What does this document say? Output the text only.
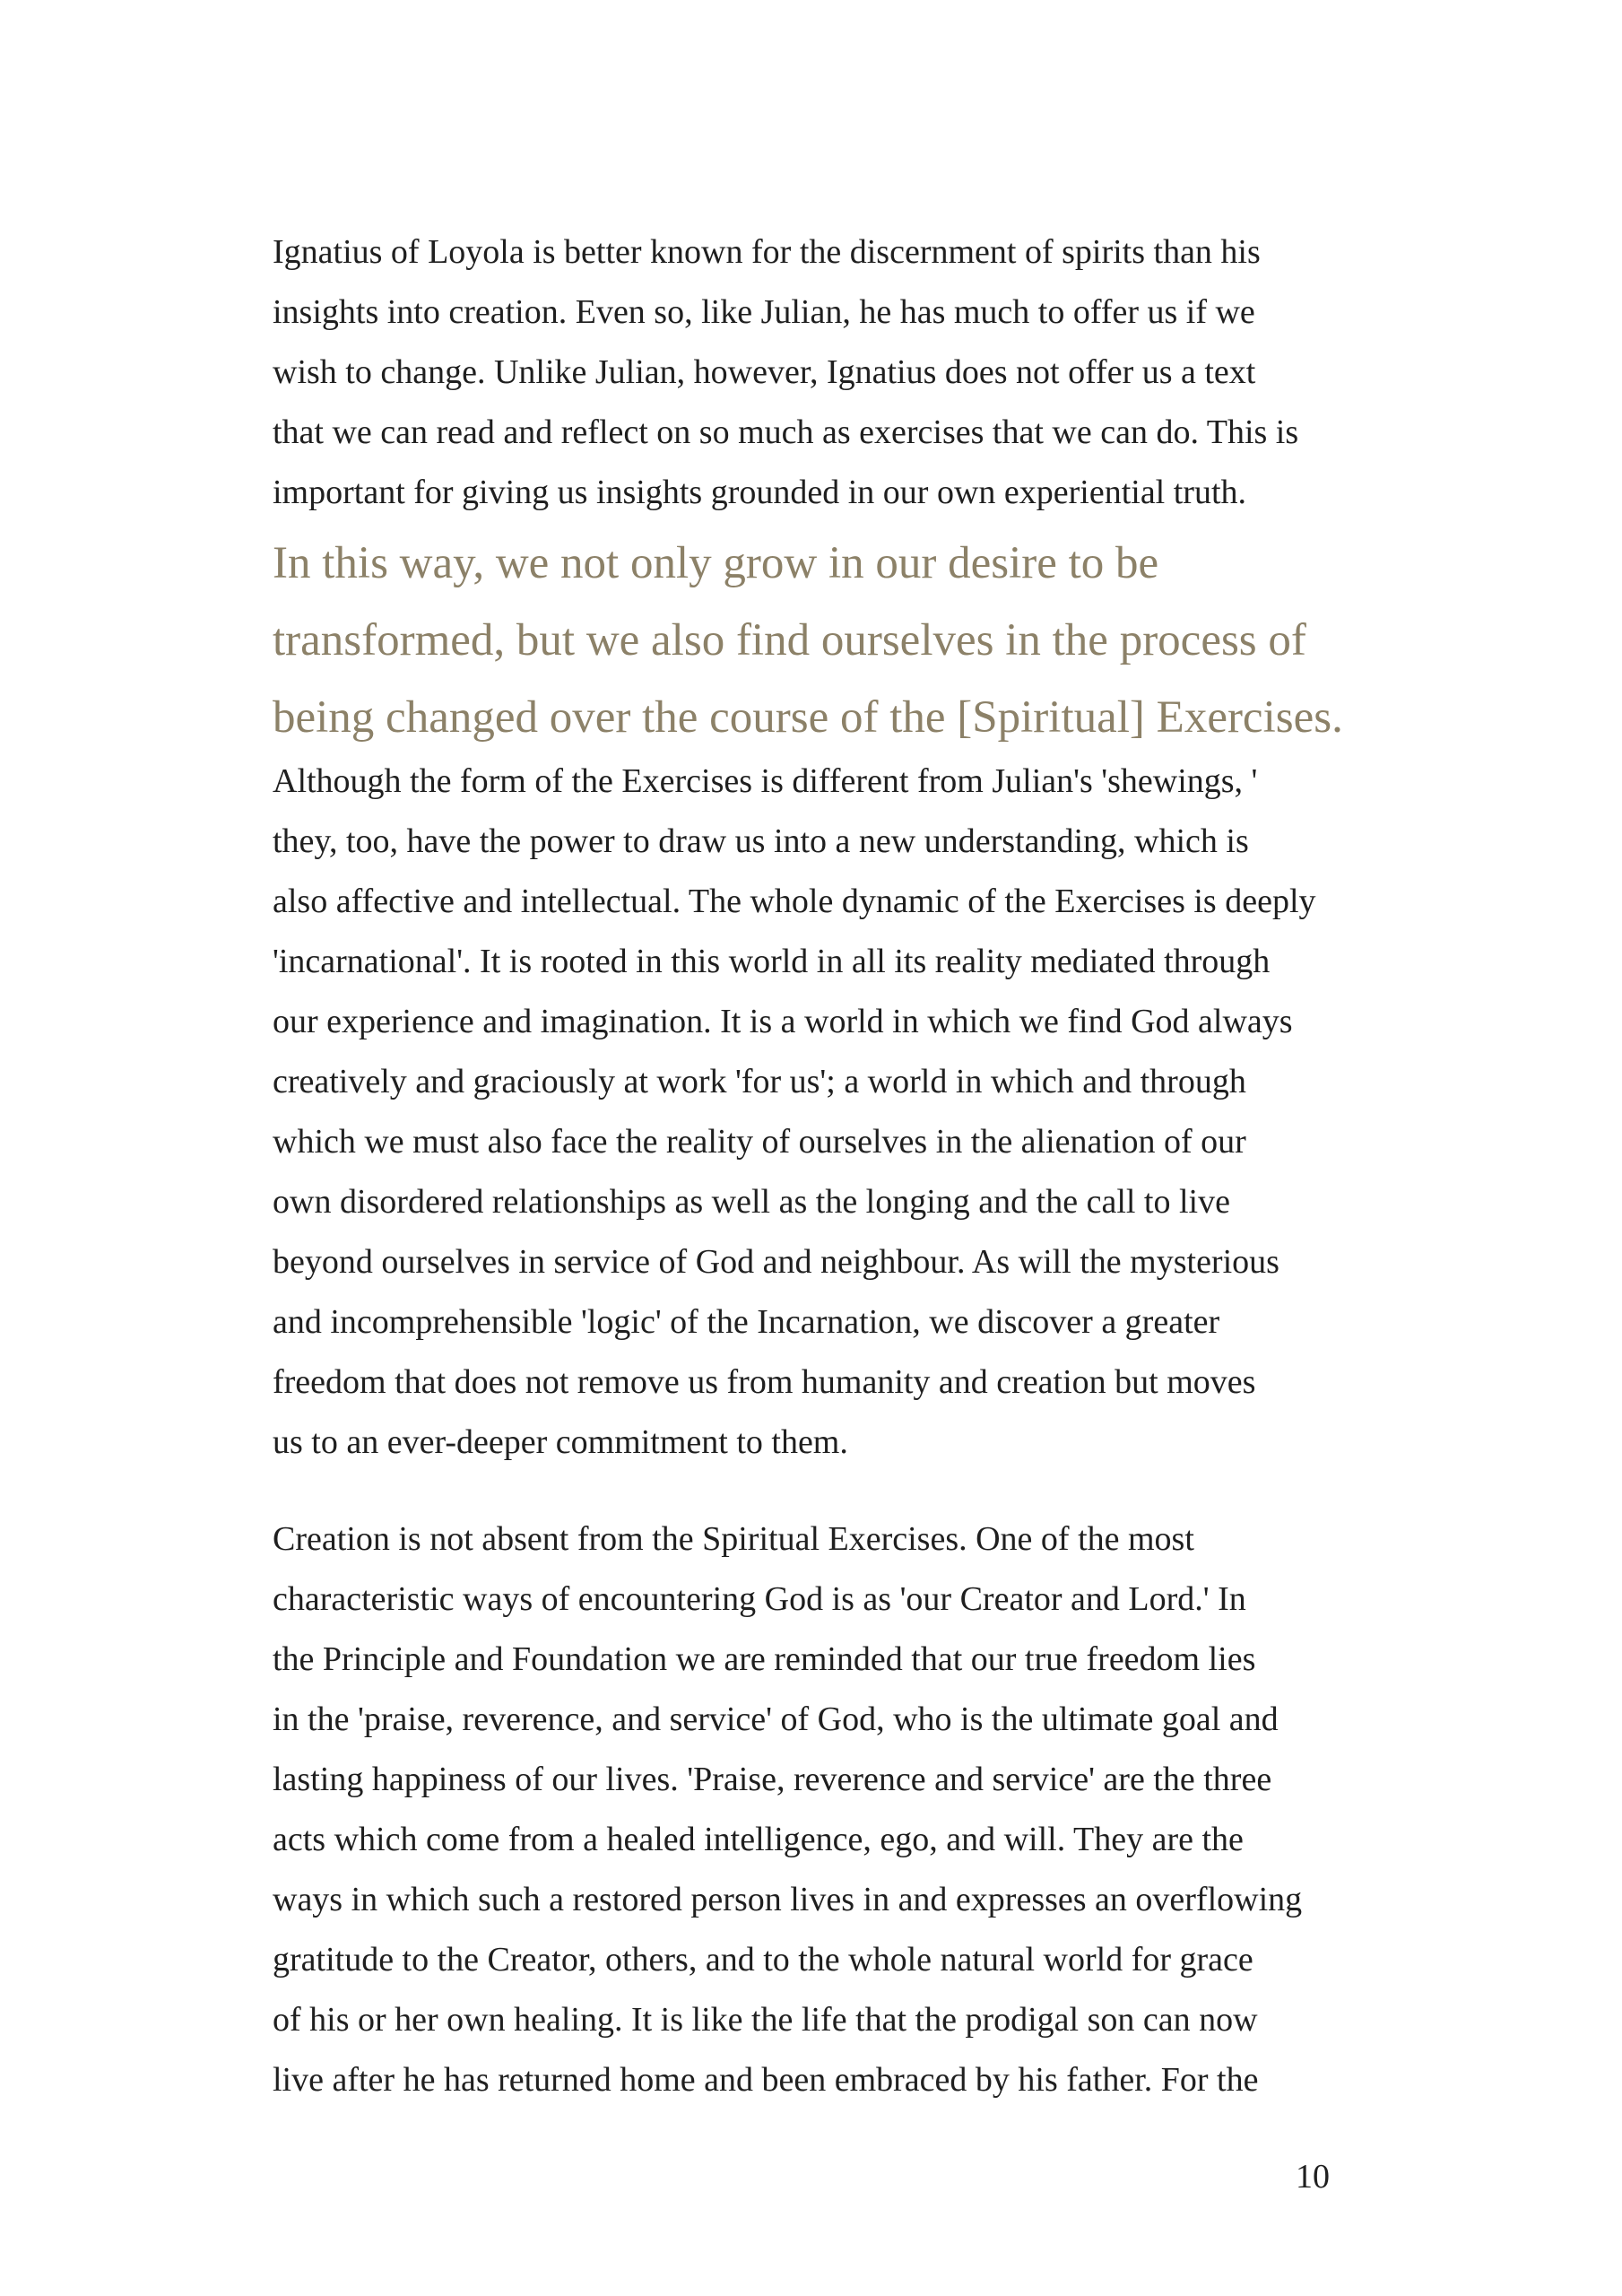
Ignatius of Loyola is better known for the discernment of spirits than his
insights into creation. Even so, like Julian, he has much to offer us if we
wish to change. Unlike Julian, however, Ignatius does not offer us a text
that we can read and reflect on so much as exercises that we can do. This is
important for giving us insights grounded in our own experiential truth.

In this way, we not only grow in our desire to be
transformed, but we also find ourselves in the process of
being changed over the course of the [Spiritual] Exercises.

Although the form of the Exercises is different from Julian's 'shewings, '
they, too, have the power to draw us into a new understanding, which is
also affective and intellectual. The whole dynamic of the Exercises is deeply
'incarnational'. It is rooted in this world in all its reality mediated through
our experience and imagination. It is a world in which we find God always
creatively and graciously at work 'for us'; a world in which and through
which we must also face the reality of ourselves in the alienation of our
own disordered relationships as well as the longing and the call to live
beyond ourselves in service of God and neighbour. As will the mysterious
and incomprehensible 'logic' of the Incarnation, we discover a greater
freedom that does not remove us from humanity and creation but moves
us to an ever-deeper commitment to them.

Creation is not absent from the Spiritual Exercises. One of the most
characteristic ways of encountering God is as 'our Creator and Lord.' In
the Principle and Foundation we are reminded that our true freedom lies
in the 'praise, reverence, and service' of God, who is the ultimate goal and
lasting happiness of our lives. 'Praise, reverence and service' are the three
acts which come from a healed intelligence, ego, and will. They are the
ways in which such a restored person lives in and expresses an overflowing
gratitude to the Creator, others, and to the whole natural world for grace
of his or her own healing. It is like the life that the prodigal son can now
live after he has returned home and been embraced by his father. For the

10
